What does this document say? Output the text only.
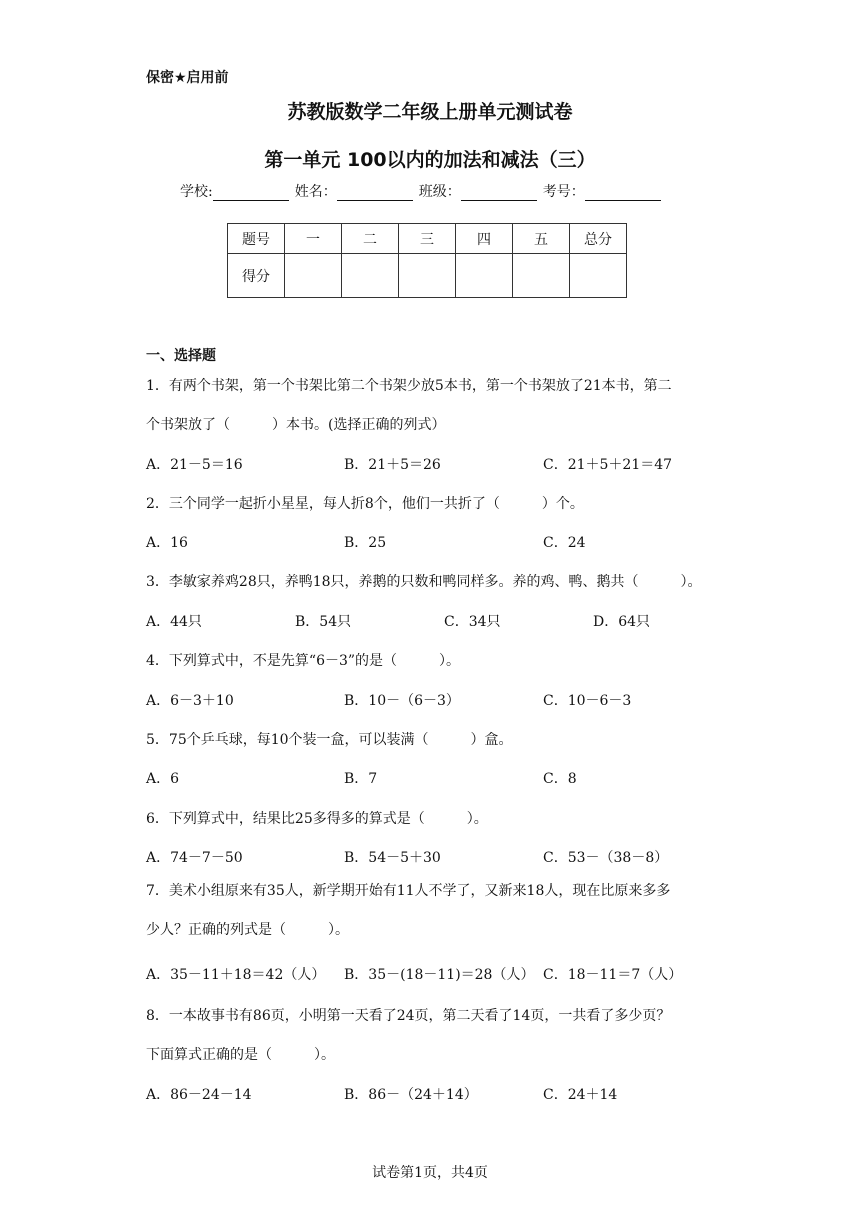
保密★启用前
苏教版数学二年级上册单元测试卷
第一单元 100以内的加法和减法（三）
学校:	姓名：	班级：	考号：
题号	一	二	三	四	五	总分
得分						
一、选择题
1．有两个书架，第一个书架比第二个书架少放5本书，第一个书架放了21本书，第二
个书架放了（　　　）本书。(选择正确的列式）
A．21－5＝16	B．21＋5＝26	C．21＋5＋21＝47
2．三个同学一起折小星星，每人折8个，他们一共折了（　　　）个。
A．16	B．25	C．24
3．李敏家养鸡28只，养鸭18只，养鹅的只数和鸭同样多。养的鸡、鸭、鹅共（　　　）。
A．44只	B．54只	C．34只	D．64只
4．下列算式中，不是先算“6－3”的是（　　　）。
A．6－3＋10	B．10－（6－3）	C．10－6－3
5．75个乒乓球，每10个装一盒，可以装满（　　　）盒。
A．6	B．7	C．8
6．下列算式中，结果比25多得多的算式是（　　　）。
A．74－7－50	B．54－5＋30	C．53－（38－8）
7．美术小组原来有35人，新学期开始有11人不学了，又新来18人，现在比原来多多
少人？正确的列式是（　　　）。
A．35－11＋18＝42（人） B．35－(18－11)＝28（人） C．18－11＝7（人）
8．一本故事书有86页，小明第一天看了24页，第二天看了14页，一共看了多少页？
下面算式正确的是（　　　）。
A．86－24－14	B．86－（24＋14）	C．24＋14
试卷第1页，共4页
